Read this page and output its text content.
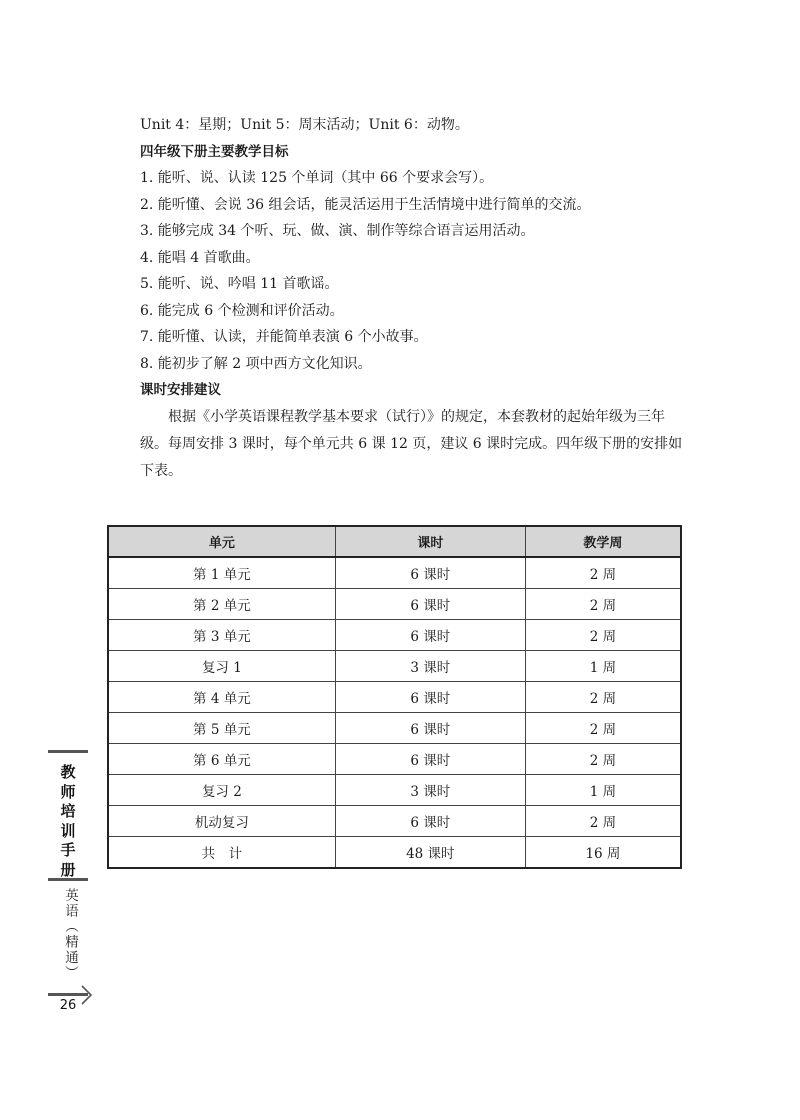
Unit 4：星期；Unit 5：周末活动；Unit 6：动物。
四年级下册主要教学目标
1. 能听、说、认读 125 个单词（其中 66 个要求会写）。
2. 能听懂、会说 36 组会话，能灵活运用于生活情境中进行简单的交流。
3. 能够完成 34 个听、玩、做、演、制作等综合语言运用活动。
4. 能唱 4 首歌曲。
5. 能听、说、吟唱 11 首歌谣。
6. 能完成 6 个检测和评价活动。
7. 能听懂、认读，并能简单表演 6 个小故事。
8. 能初步了解 2 项中西方文化知识。
课时安排建议

根据《小学英语课程教学基本要求（试行）》的规定，本套教材的起始年级为三年级。每周安排 3 课时，每个单元共 6 课 12 页，建议 6 课时完成。四年级下册的安排如下表。

单元	课时	教学周
第 1 单元	6 课时	2 周
第 2 单元	6 课时	2 周
第 3 单元	6 课时	2 周
复习 1	3 课时	1 周
第 4 单元	6 课时	2 周
第 5 单元	6 课时	2 周
第 6 单元	6 课时	2 周
复习 2	3 课时	1 周
机动复习	6 课时	2 周
共　计	48 课时	16 周
教师培训手册
英语（精通）
26
